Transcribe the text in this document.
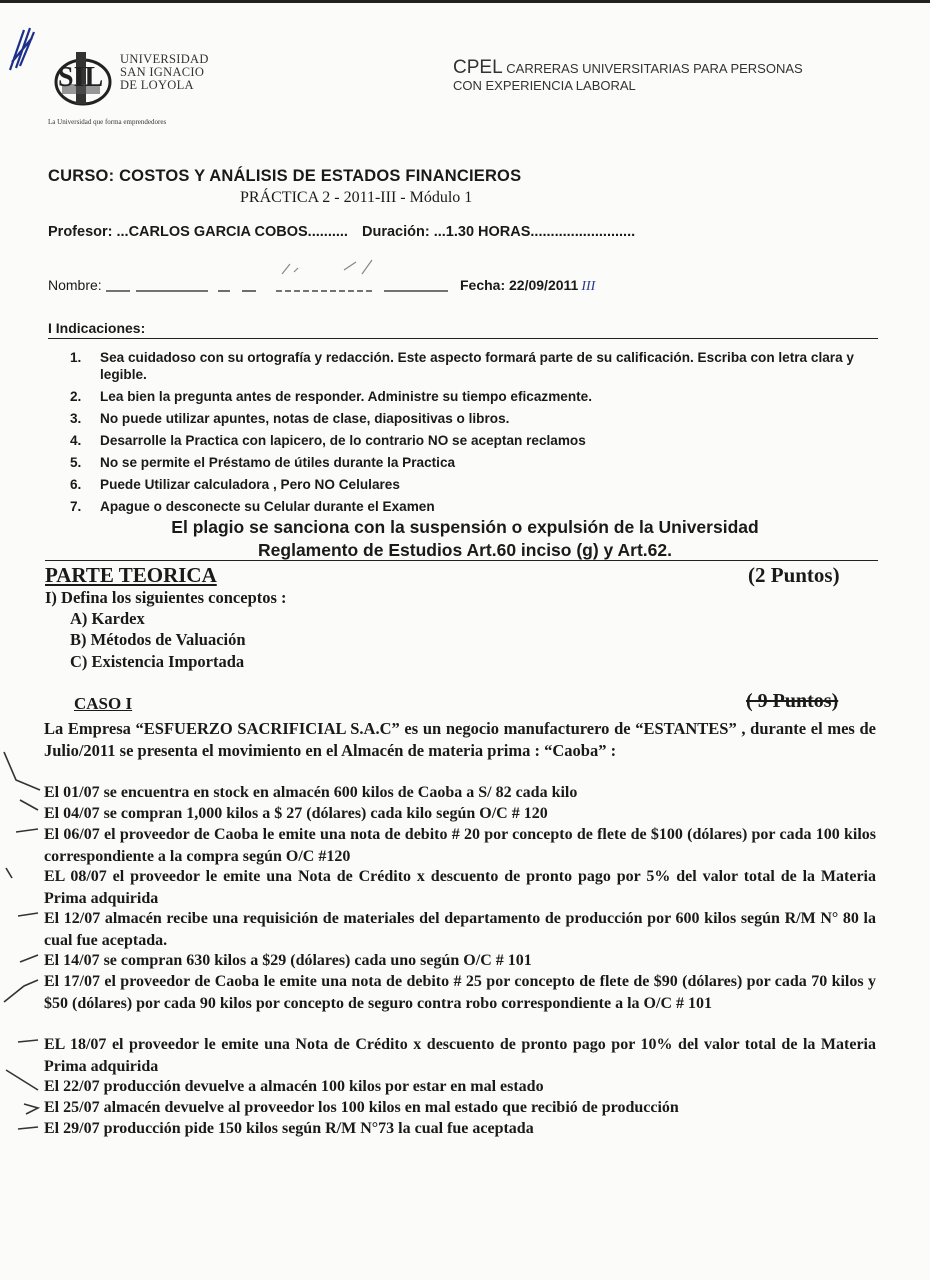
SIL
UNIVERSIDAD
SAN IGNACIO
DE LOYOLA
La Universidad que forma emprendedores
CPEL CARRERAS UNIVERSITARIAS PARA PERSONAS
CON EXPERIENCIA LABORAL
CURSO: COSTOS Y ANÁLISIS DE ESTADOS FINANCIEROS
PRÁCTICA 2 - 2011-III - Módulo 1
Profesor: ...CARLOS GARCIA COBOS.......... Duración: ...1.30 HORAS..........................
Nombre:	Fecha: 22/09/2011 III
I Indicaciones:
1.	Sea cuidadoso con su ortografía y redacción. Este aspecto formará parte de su calificación. Escriba con letra clara y legible.
2.	Lea bien la pregunta antes de responder. Administre su tiempo eficazmente.
3.	No puede utilizar apuntes, notas de clase, diapositivas o libros.
4.	Desarrolle la Practica con lapicero, de lo contrario NO se aceptan reclamos
5.	No se permite el Préstamo de útiles durante la Practica
6.	Puede Utilizar calculadora , Pero NO Celulares
7.	Apague o desconecte su Celular durante el Examen
El plagio se sanciona con la suspensión o expulsión de la Universidad
Reglamento de Estudios Art.60 inciso (g) y Art.62.
PARTE TEORICA	(2 Puntos)
I) Defina los siguientes conceptos :
A) Kardex
B) Métodos de Valuación
C) Existencia Importada
CASO I	( 9 Puntos)
La Empresa “ESFUERZO SACRIFICIAL S.A.C” es un negocio manufacturero de “ESTANTES” , durante el mes de Julio/2011 se presenta el movimiento en el Almacén de materia prima : “Caoba” :
El 01/07 se encuentra en stock en almacén 600 kilos de Caoba a S/ 82 cada kilo
El 04/07 se compran 1,000 kilos a $ 27 (dólares) cada kilo según O/C # 120
El 06/07 el proveedor de Caoba le emite una nota de debito # 20 por concepto de flete de $100 (dólares) por cada 100 kilos correspondiente a la compra según O/C #120
EL 08/07 el proveedor le emite una Nota de Crédito x descuento de pronto pago por 5% del valor total de la Materia Prima adquirida
El 12/07 almacén recibe una requisición de materiales del departamento de producción por 600 kilos según R/M N° 80 la cual fue aceptada.
El 14/07 se compran 630 kilos a $29 (dólares) cada uno según O/C # 101
El 17/07 el proveedor de Caoba le emite una nota de debito # 25 por concepto de flete de $90 (dólares) por cada 70 kilos y $50 (dólares) por cada 90 kilos por concepto de seguro contra robo correspondiente a la O/C # 101
EL 18/07 el proveedor le emite una Nota de Crédito x descuento de pronto pago por 10% del valor total de la Materia Prima adquirida
El 22/07 producción devuelve a almacén 100 kilos por estar en mal estado
El 25/07 almacén devuelve al proveedor los 100 kilos en mal estado que recibió de producción
El 29/07 producción pide 150 kilos según R/M N°73 la cual fue aceptada
